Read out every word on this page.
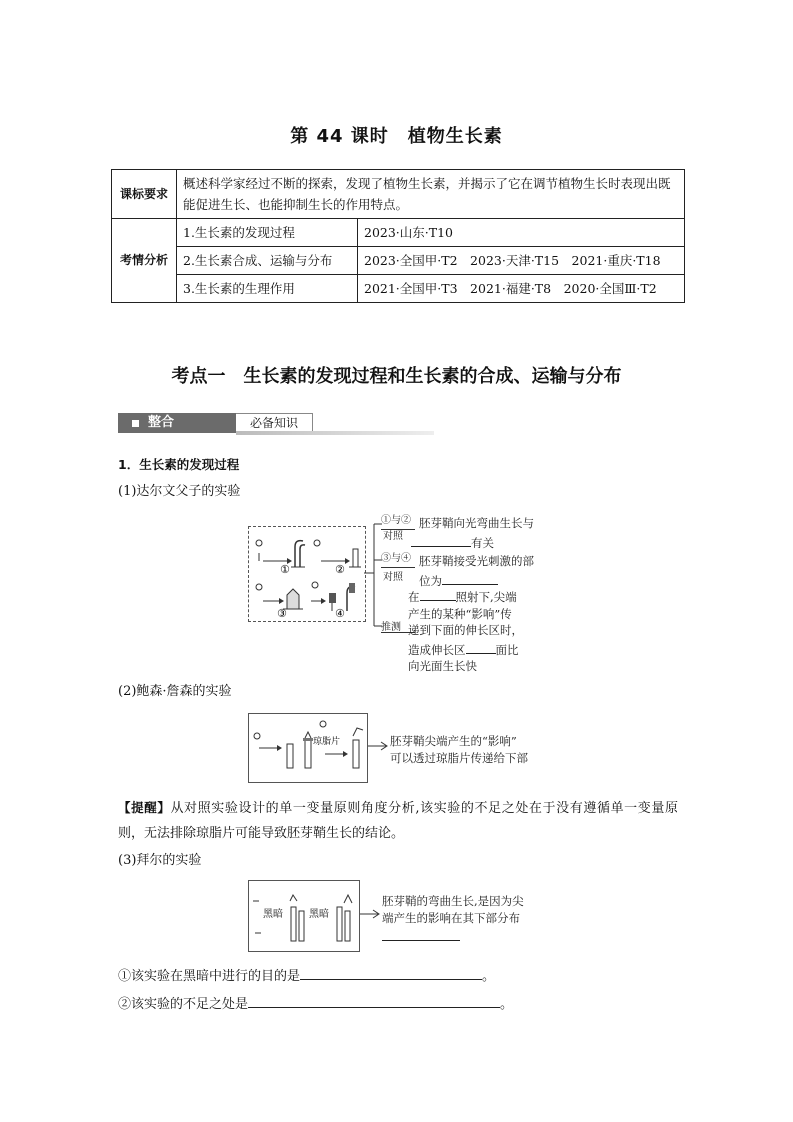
第 44 课时　植物生长素
课标要求	概述科学家经过不断的探索，发现了植物生长素，并揭示了它在调节植物生长时表现出既能促进生长、也能抑制生长的作用特点。	
考情分析	1.生长素的发现过程	2023·山东·T10
	2.生长素合成、运输与分布	2023·全国甲·T2　2023·天津·T15　2021·重庆·T18
	3.生长素的生理作用	2021·全国甲·T3　2021·福建·T8　2020·全国Ⅲ·T2
考点一　生长素的发现过程和生长素的合成、运输与分布
整合	必备知识
1．生长素的发现过程
(1)达尔文父子的实验
①	②
③	④
①与②
对照
胚芽鞘向光弯曲生长与
有关
③与④
对照
胚芽鞘接受光刺激的部
位为
推测
在	照射下,尖端
产生的某种“影响”传
递到下面的伸长区时，
造成伸长区	面比
向光面生长快
(2)鲍森·詹森的实验
琼脂片	胚芽鞘尖端产生的“影响”
可以透过琼脂片传递给下部
【提醒】从对照实验设计的单一变量原则角度分析,该实验的不足之处在于没有遵循单一变量原则，无法排除琼脂片可能导致胚芽鞘生长的结论。
(3)拜尔的实验
黑暗	黑暗
胚芽鞘的弯曲生长,是因为尖
端产生的影响在其下部分布
①该实验在黑暗中进行的目的是	。
②该实验的不足之处是	。
